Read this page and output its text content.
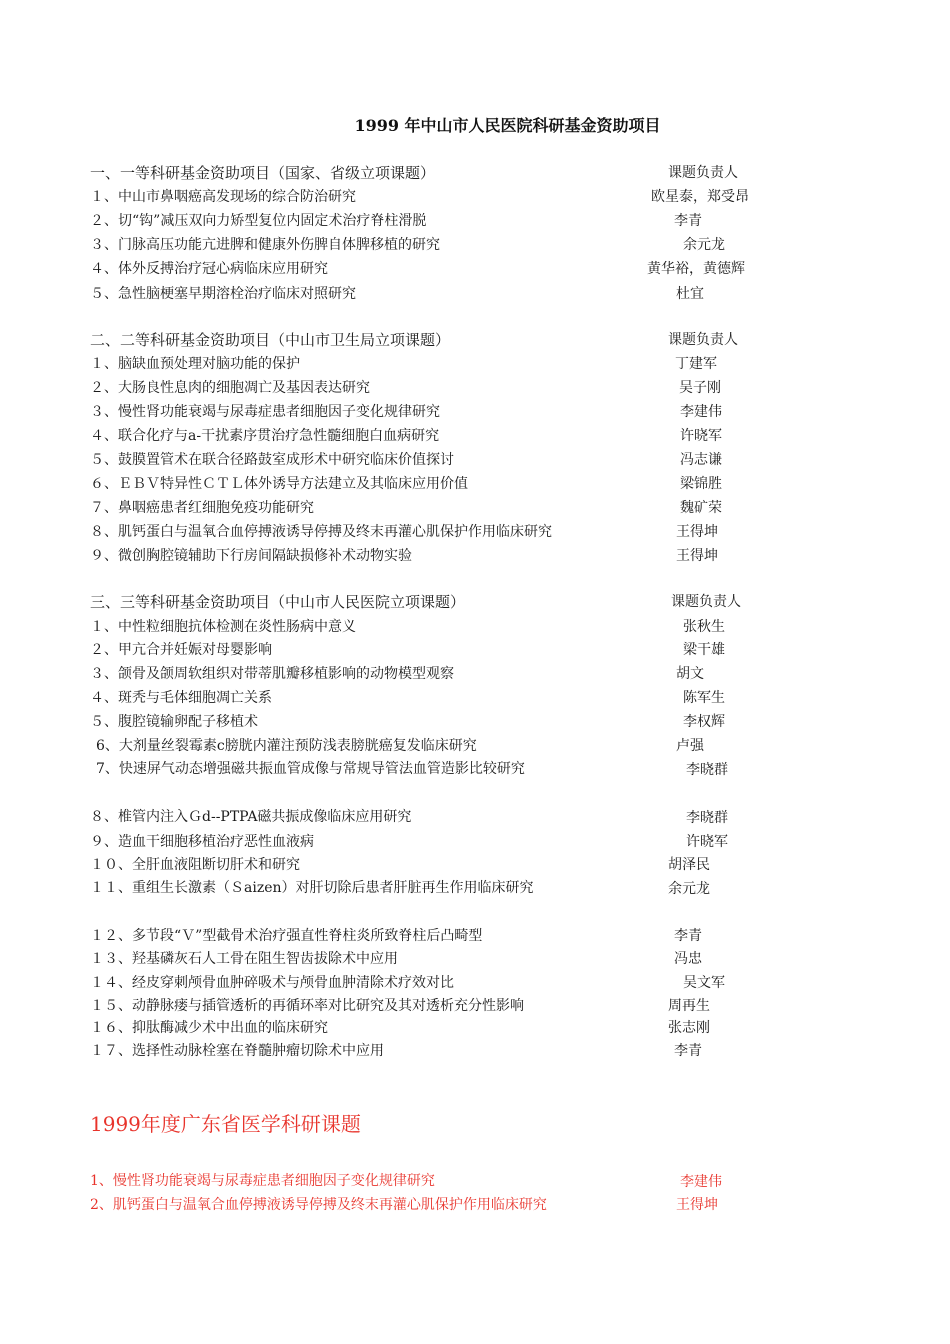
1999 年中山市人民医院科研基金资助项目
一、一等科研基金资助项目（国家、省级立项课题）	课题负责人
１、中山市鼻咽癌高发现场的综合防治研究	欧星泰，郑受昂
２、切“钩”减压双向力矫型复位内固定术治疗脊柱滑脱	李青
３、门脉高压功能亢进脾和健康外伤脾自体脾移植的研究	余元龙
４、体外反搏治疗冠心病临床应用研究	黄华裕，黄德辉
５、急性脑梗塞早期溶栓治疗临床对照研究	杜宜
二、二等科研基金资助项目（中山市卫生局立项课题）	课题负责人
１、脑缺血预处理对脑功能的保护	丁建军
２、大肠良性息肉的细胞凋亡及基因表达研究	吴子刚
３、慢性肾功能衰竭与尿毒症患者细胞因子变化规律研究	李建伟
４、联合化疗与a-干扰素序贯治疗急性髓细胞白血病研究	许晓军
５、鼓膜置管术在联合径路鼓室成形术中研究临床价值探讨	冯志谦
６、ＥＢＶ特异性ＣＴＬ体外诱导方法建立及其临床应用价值	梁锦胜
７、鼻咽癌患者红细胞免疫功能研究	魏矿荣
８、肌钙蛋白与温氧合血停搏液诱导停搏及终末再灌心肌保护作用临床研究	王得坤
９、微创胸腔镜辅助下行房间隔缺损修补术动物实验	王得坤
三、三等科研基金资助项目（中山市人民医院立项课题）	课题负责人
１、中性粒细胞抗体检测在炎性肠病中意义	张秋生
２、甲亢合并妊娠对母婴影响	梁干雄
３、颌骨及颌周软组织对带蒂肌瓣移植影响的动物模型观察	胡文
４、斑秃与毛体细胞凋亡关系	陈军生
５、腹腔镜输卵配子移植术	李权辉
6、大剂量丝裂霉素c膀胱内灌注预防浅表膀胱癌复发临床研究	卢强
7、快速屏气动态增强磁共振血管成像与常规导管法血管造影比较研究	李晓群
８、椎管内注入Ｇd--PTPA磁共振成像临床应用研究	李晓群
９、造血干细胞移植治疗恶性血液病	许晓军
１０、全肝血液阻断切肝术和研究	胡泽民
１１、重组生长激素（Ｓaizen）对肝切除后患者肝脏再生作用临床研究	余元龙
１２、多节段“Ｖ”型截骨术治疗强直性脊柱炎所致脊柱后凸畸型	李青
１３、羟基磷灰石人工骨在阻生智齿拔除术中应用	冯忠
１４、经皮穿刺颅骨血肿碎吸术与颅骨血肿清除术疗效对比	吴文军
１５、动静脉瘘与插管透析的再循环率对比研究及其对透析充分性影响	周再生
１６、抑肽酶减少术中出血的临床研究	张志刚
１７、选择性动脉栓塞在脊髓肿瘤切除术中应用	李青
1999年度广东省医学科研课题
1、慢性肾功能衰竭与尿毒症患者细胞因子变化规律研究	李建伟
2、肌钙蛋白与温氧合血停搏液诱导停搏及终末再灌心肌保护作用临床研究	王得坤
